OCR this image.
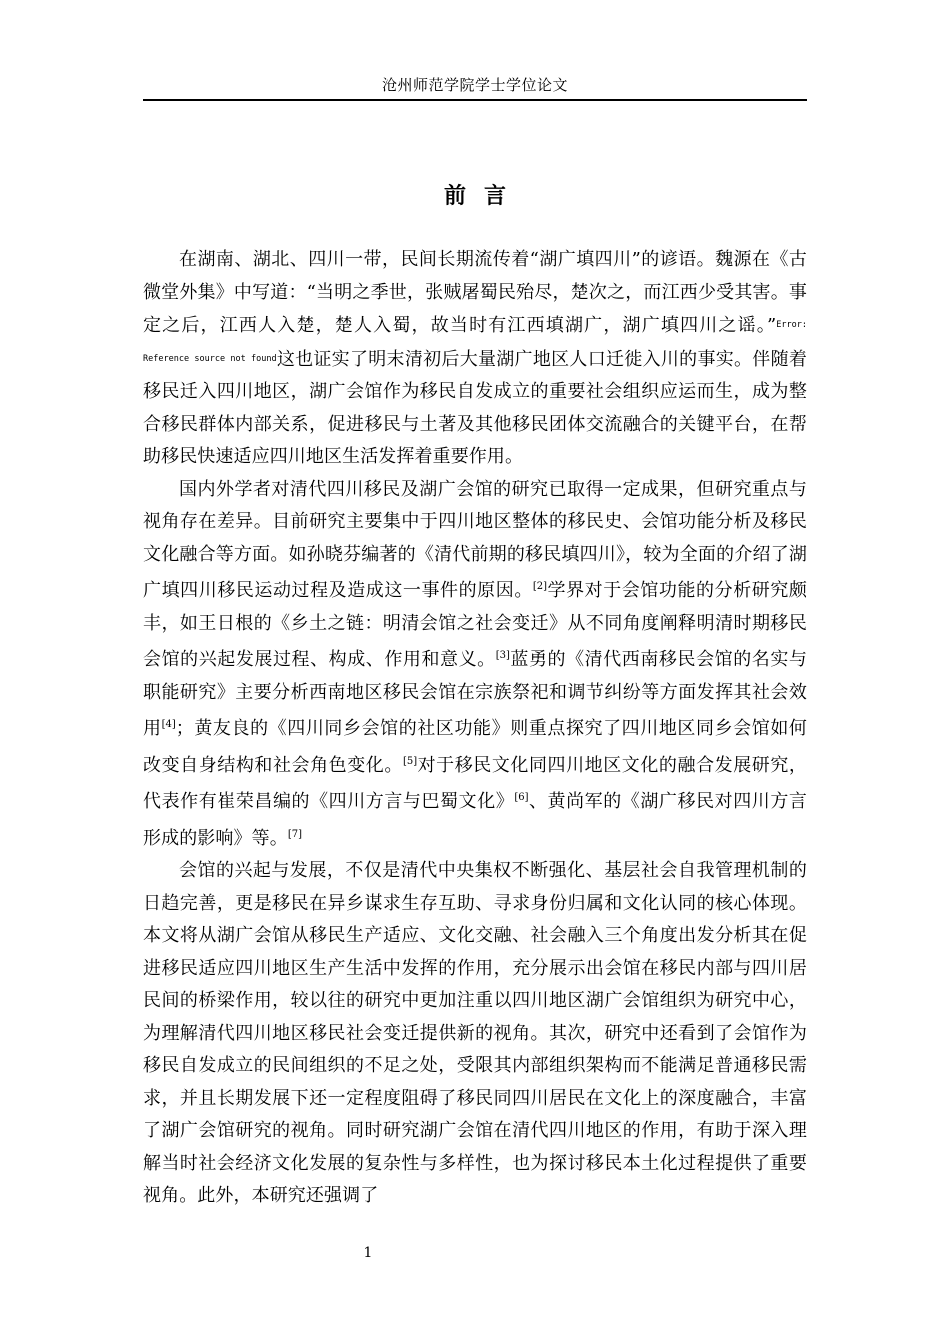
沧州师范学院学士学位论文
前言

在湖南、湖北、四川一带，民间长期流传着“湖广填四川”的谚语。魏源在《古微堂外集》中写道：“当明之季世，张贼屠蜀民殆尽，楚次之，而江西少受其害。事定之后，江西人入楚，楚人入蜀，故当时有江西填湖广，湖广填四川之谣。”$^{Error: Reference source not found}$这也证实了明末清初后大量湖广地区人口迁徙入川的事实。伴随着移民迁入四川地区，湖广会馆作为移民自发成立的重要社会组织应运而生，成为整合移民群体内部关系，促进移民与土著及其他移民团体交流融合的关键平台，在帮助移民快速适应四川地区生活发挥着重要作用。

国内外学者对清代四川移民及湖广会馆的研究已取得一定成果，但研究重点与视角存在差异。目前研究主要集中于四川地区整体的移民史、会馆功能分析及移民文化融合等方面。如孙晓芬编著的《清代前期的移民填四川》，较为全面的介绍了湖广填四川移民运动过程及造成这一事件的原因。[2]学界对于会馆功能的分析研究颇丰，如王日根的《乡土之链：明清会馆之社会变迁》从不同角度阐释明清时期移民会馆的兴起发展过程、构成、作用和意义。[3]蓝勇的《清代西南移民会馆的名实与职能研究》主要分析西南地区移民会馆在宗族祭祀和调节纠纷等方面发挥其社会效用[4]；黄友良的《四川同乡会馆的社区功能》则重点探究了四川地区同乡会馆如何改变自身结构和社会角色变化。[5]对于移民文化同四川地区文化的融合发展研究，代表作有崔荣昌编的《四川方言与巴蜀文化》[6]、黄尚军的《湖广移民对四川方言形成的影响》等。[7]

会馆的兴起与发展，不仅是清代中央集权不断强化、基层社会自我管理机制的日趋完善，更是移民在异乡谋求生存互助、寻求身份归属和文化认同的核心体现。本文将从湖广会馆从移民生产适应、文化交融、社会融入三个角度出发分析其在促进移民适应四川地区生产生活中发挥的作用，充分展示出会馆在移民内部与四川居民间的桥梁作用，较以往的研究中更加注重以四川地区湖广会馆组织为研究中心，为理解清代四川地区移民社会变迁提供新的视角。其次，研究中还看到了会馆作为移民自发成立的民间组织的不足之处，受限其内部组织架构而不能满足普通移民需求，并且长期发展下还一定程度阻碍了移民同四川居民在文化上的深度融合，丰富了湖广会馆研究的视角。同时研究湖广会馆在清代四川地区的作用，有助于深入理解当时社会经济文化发展的复杂性与多样性，也为探讨移民本土化过程提供了重要视角。此外，本研究还强调了

1
